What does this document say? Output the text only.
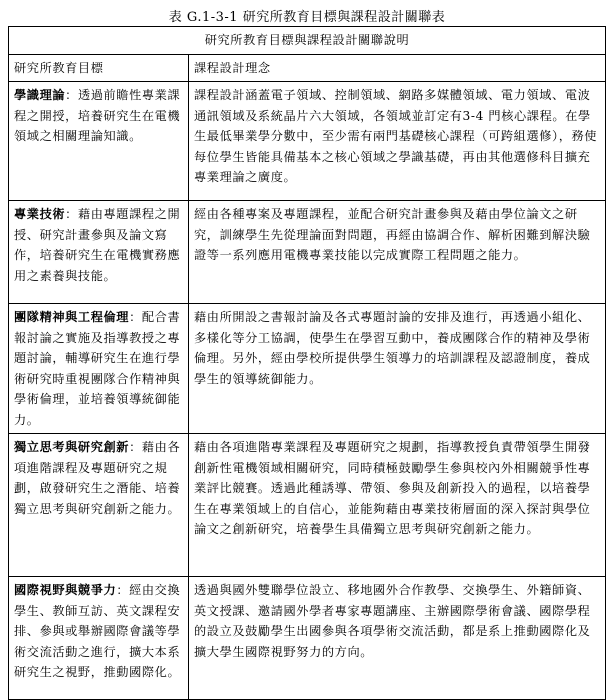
表 G.1-3-1 研究所教育目標與課程設計關聯表
研究所教育目標與課程設計關聯說明	
研究所教育目標	課程設計理念
學識理論：透過前瞻性專業課程之開授，培養研究生在電機領域之相關理論知識。	課程設計涵蓋電子領域、控制領域、網路多媒體領域、電力領域、電波通訊領域及系統晶片六大領域，各領域並訂定有3-4 門核心課程。在學生最低畢業學分數中，至少需有兩門基礎核心課程（可跨組選修），務使每位學生皆能具備基本之核心領域之學識基礎，再由其他選修科目擴充專業理論之廣度。
專業技術：藉由專題課程之開授、研究計畫參與及論文寫作，培養研究生在電機實務應用之素養與技能。	經由各種專案及專題課程，並配合研究計畫參與及藉由學位論文之研究，訓練學生先從理論面對問題，再經由協調合作、解析困難到解決驗證等一系列應用電機專業技能以完成實際工程問題之能力。
團隊精神與工程倫理：配合書報討論之實施及指導教授之專題討論，輔導研究生在進行學術研究時重視團隊合作精神與學術倫理，並培養領導統御能力。	藉由所開設之書報討論及各式專題討論的安排及進行，再透過小組化、多樣化等分工協調，使學生在學習互動中，養成團隊合作的精神及學術倫理。另外，經由學校所提供學生領導力的培訓課程及認證制度，養成學生的領導統御能力。
獨立思考與研究創新：藉由各項進階課程及專題研究之規劃，啟發研究生之潛能、培養獨立思考與研究創新之能力。	藉由各項進階專業課程及專題研究之規劃，指導教授負責帶領學生開發創新性電機領域相關研究，同時積極鼓勵學生參與校內外相關競爭性專業評比競賽。透過此種誘導、帶領、參與及創新投入的過程，以培養學生在專業領域上的自信心，並能夠藉由專業技術層面的深入探討與學位論文之創新研究，培養學生具備獨立思考與研究創新之能力。
國際視野與競爭力：經由交換學生、教師互訪、英文課程安排、參與或舉辦國際會議等學術交流活動之進行，擴大本系研究生之視野，推動國際化。	透過與國外雙聯學位設立、移地國外合作教學、交換學生、外籍師資、英文授課、邀請國外學者專家專題講座、主辦國際學術會議、國際學程的設立及鼓勵學生出國參與各項學術交流活動，都是系上推動國際化及擴大學生國際視野努力的方向。
